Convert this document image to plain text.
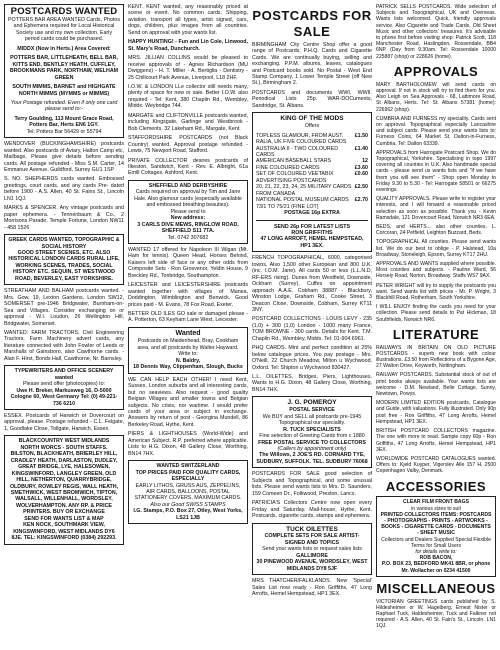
POSTCARDS WANTED
POTTERS BAR AREA WANTED Cards, Photos and Ephemera required for Local Historical Society use and my own collection. Early period cards could be purchased.
MIDDX (Now in Herts.) Area Covered:
POTTERS BAR, LITTLEHEATH, BELL BAR, KITTS END, BENTLEY HEATH, CUFFLEY, BROOKMANS PARK, NORTHAW, WELHAM GREEN
SOUTH MIMMS, BARNET and HIGHGATE
NORTH MIMMS (MYMMS or MIMMS)
Your Postage refunded. Even if only one card please send to:-
Terry Goulding, 113 Mount Grace Road, Potters Bar, Herts EN6 1GY.
Tel: Potters Bar 56429 or 55794
WENDOVER (BUCKINGHAMSHIRE) postcards wanted. Also postcards of Aviary, Halton Camp etc, Mailbags, Please give details before sending cards. All postage refunded - Miss S.M. Carter, 14 Emmanue Avenue, Guildford, Surrey GU1 1SP
S. NO. SHEPHERDS cards wanted. Embossed greetings, court cards, and any cards Pre- dated before 1900 - A.S. Allen, 40 St. Fains St., Lincoln LN1 1QJ.
MARKS & SPENCER. Any vintage postcards and paper ephemera. - Tennenbaum & Co., 2 Morrisons Parade, Temple Fortune, London NW11 - 458 1526
GREEK CARDS WANTED, TOPOGRAPHIC & SOCIAL HISTORY
GOOD STREET SCENES, ETC. ALSO
HISTORICAL LONDON CARDS RURAL LIFE, WORKING SCENES, TRADES, SOCIAL HISTORY ETC. SEQUIN, ST WESTWOOD ROAD, BEVERLEY, EAST YORKSHIRE.
STREATHAM AND BALHAM postcards wanted. - Mrs. Gow, 19, Lexton Gardens, London SW12, SOMERSET pre-1946 Bridgwater, Burnham-on-Sea and Villages. Consider exchanging on or approval - W.I. Loudon, 26 Wellington Hill, Bridgwater, Somerset.
WANTED: FARM TRACTORS, Civil Engineering Tractors, Farm Machinery advert cards, any literature connected with John Fowler of Leeds or Marshalls of Gainsboro, also Cawthorne cards. - Alan F. Hirst, Bonds Hall, Cawthorne, Nr. Barnsley.
TYPEWRITERS AND OFFICE SCENERY wanted
Please send offer (photocopies) to:
Uwe H. Breker, Markusweg 16, D-5000 Cologne 60, West Germany Tel: (0) 49-221-736 6210
ESSEX. Postcards of Harwich or Dovercourt on approval, please. Postage refunded - C.L. Felgate, 1, Goodlake Close, Tollgate, Harwich, Essex.
BLACKCOUNTRY WEST MIDLANDS
NORTH WORCS - SOUTH STAFFS. BILSTON, BLACKHEATH, BRIERLEY HILL, CRADLEY HEATH, DARLASTON, DUDLEY, GREAT BRIDGE, LYE, HALESOWEN, KINGSWINFORD, LANGLEY GREEN, OLD HILL, NETHERTON, QUARRYBRIDGE, OLDBURY, ROWLEY REGIS, WALL HEATH, SMETHWICK, WEST BROMWICH, TIPTON, WALSALL, WILLENHALL, WORDSLEY, WOLVERHAMPTON. ANY RP. & PRICE PRINTERS. BUY OR EXCHANGE
SEND FOR WANTS LIST & MAP
KEN NOCK, SOUTHMARK VIEW, KINGSWINFORD, WEST MIDLANDS DY6 8JE. TEL: KINGSWINFORD (0384) 292293.
KENT. KENT wanted, any reasonably priced at scene or event. No common cards. Shipping, aviation, transport all types, artist signed, cars, dogs, children, plus images from all countries. Send on approval with your wants list.
HAPPY HUNTING! - Fun and Lin Cole, Linwood, St. Mary's Road, Dunchurch.
MRS. JILLIAN COLLINS would be pleased to receive approvals of - Agnes Richardson (MU Dwiggens) - H. T. Miller - A. Bertiglia - Dentistry - 25 Chillcourt Park Avenue, Liverpool, L18 2HF.
I.O.W. & LONDON LLe collector still needs many, plenty of space for new or sale. Better I.O.W. also required - Tel: Kent, 380 Chaplin Rd., Wembley, Middx. Weybridge 744.
MARGATE and CLIFTONVILLE postcards wanted, including Kingsgate, Garlinge and Westbrook - Bob Clements, 32 Lakeham Rd., Margate, Kent.
STAFFORDSHIRE POSTCARDS (not Black Country) wanted. Approval postage refunded - Lewis, 75 Newport Road, Stafford.
PRIVATE COLLECTOR desires postcards of Ilkeston, Sandwich, Kent - Rev. E. Albright, 61a Emill Cottages, Ashford, Kent.
SHEFFIELD AND DERBYSHIRE
Cards required on approval by Tim and Jane Hale. Also glamour cards (especially available and embossed breathing beauties).
Please send to
New address:
3 CARLS DIVE MEWS, RINGLOW ROAD, SHEFFIELD S11 7TA.
Tel. 0742 307682
WANTED 17 offered for Napoleon III Wigan (Mt. Ham for tennis). Queen Head, Horses Behind, Kaisers left side of face or any other odds from Composite Sets - Ron Grosvenor, Yeldin House, 9 Breckley Rd., Tonbridge, Southampton.
LEICESTER and LEICESTERSHIRE postcards wanted together with villages of Manea, Doddington, Wimblington and Benwick. Good prices paid - M. Evans, 78 Fox Road, Exeter.
BETTER OLD ILES GO sale or damaged please - A. Potterton, 63 Keyham Lane West, Leicester.
Wanted
Postcards on Maidenhead, Bray, Cookham area, and all postcards by Walter Hayward. Write to:
N. Baldry,
18 Dennis Way, Clippenham, Slough, Bucks
WE CAN HELP EACH OTHER! I need Kent, Sussex, London suburbs and all interesting cards, but no seaviews. Also request - good quality Belgian Villages and smaller towns and Belgian subjects. No crisis, nor wartime. I would prefer cards of your area or subject in exchange. Answers by return of post - Georgina Mundell, 86 Berkeley Road, Hythe, Kent.
PIERS & LIGHTHOUSES (World-Wide) and American Subject. R.P. preferred where applicable. Lists to H.G. Dixon, 48 Gallery Close, Worthing, BN14 7HX.
WANTED SWITZERLAND
TOP PRICES PAID FOR QUALITY CARDS, ESPECIALLY
EARLY LITHOS, GRUSS AUS, ZEPPELINS, AIR CARDS, BALLOONS, POSTAL STATIONERY COVERS, MAXIMUM CARDS.
Also our Good SWISS STAMPS
I.G. Stamps, P.O. Box 27, Otley, West Yorks, LS21 1JB
POSTCARDS FOR SALE
BIRMINGHAM City Centre Shop offer a good range of Postcards, P.H.Q. Cards and Cigarette Cards. We are continually buying, selling and exchanging. P.P.M. albums, leaves, catalogues and Postcard books sold. No Postal - West End Stamp Company, 1 Lower Temple Street (off New St.), Birmingham 2.
POSTCARDS and documents WWI, WWII. Periodical Lists 25p. WAR-DOCuments, Sandridge, St. Albans.
KING OF THE MODS
Offers
TOPLESS GLAMOUR, FROM AUST. RALIA, UK FIVE COLOURED CARDS
£1.50
AUSTRALIA II - TWO COLOURED CARDS
£1.40
AMERICAN BASEBALL STARS	12
FINE COLOURED CARDS	£3.60
SET OF COLOURED VEETABIX ADVERTISING POSTCARDS
£0.60
20, 21, 22, 23, 24, 25 MILITARY CARDS FROM CANADA
£2.50
NATIONAL POSTAL MUSEUM CARDS 73/1 TO 75/21 (FINE LOT)
£2.70
POSTAGE 16p EXTRA
SEND 26p FOR LATEST LISTS
RON GRIFFITHS
47 LONG ARROFT, HEMEL HEMPSTEAD, HP1 3EX.
FRENCH TOPOGRAPHICAL, 6000, categorised towns, Also 1,500 other European and 800 U.K. (inc. I.O.M. Jane). All cards 50 or less (L.L.N.D, RF-ERS rising). Dunes from Westfield, Downside, Ockham (Surrey), Cuffes on appointment approach A.A.E. Cobham 38887 - Blackbury, Winston Lodge, Graham Rd., Cooke Street, 3 Deacon Close, Downside, Cobham, Surrey KT11 3NY.
POSTCARD COLLECTIONS - LOUIS LEVY - 235 (1,0) + 300 (1,0) London - 1000 many France, TOM BROWNE - 300 cards. Details for Kent. T.M. Chaplin Rd., Wembley, Middx. Tel: 01-904 6961.
PHQ CARDS. Mint and perfect condition at 25% below catalogue prices. You pay postage - Mrs. O'Neill, 22 Church Meadow, Milton u Wychwood, Oxford. Tel: Shipton u Wychwood 830427.
L.L. OILETTES, Bridges, Piers, Lighthouses. Wants to H.G. Dixon, 48 Gallery Close, Worthing, BN14 7HX.
J. G. POMEROY
POSTAL SERVICE
We BUY and SELL all postcards pre-1945 Topographical our speciality.
R. TUCK SPECIALISTS
Fine selection of Greeting Cards from c 1880
FREE POSTAL SERVICE TO COLLECTORS
(Callers by appointment only)
The Willows, 2 JOE'S RD. CORNARD TYE, SUDBURY, SUFFOLK. TEL. SUDBURY 76068
POSTCARDS FOR SALE good selection of Subjects and Topographical, and some unusual lists. Please send wants lists to Mrs. D. Saunders, 159 Comeen Dr., Folkwood, Preston, Lancs.
PATRICIA'S Collectors Centre now open every Friday and Saturday. Mall-house, Hythe, Kent. Postcards, cigarette cards, stamps and ephemera.
TUCK OILETTES
COMPLETE SETS FOR SALE ARTIST-SIGNED AND TOPICS
Send your wants lists or request sales lists
GALLIMORE
30 PINEWOOD AVENUE, WORDSLEY, WEST MIDLANDS DY8 5JF
MRS THATCHER/FALKLANDS. New 'Special' Sales List now ready - Ron Griffiths, 47 Long Arrofts, Hemel Hempstead, HP1 3EX.
PATRICK SELLS POSTCARDS. Wide selection of Subjects and Topographical, UK and Overseas. Wants lists welcomed. Quick, friendly approvals service. Also Cigarette and Trade Cards, Old Sheet Music and other collectors' treasures. It's advisable to phone first before visiting shop: Patrick Scott, 118 Manchester Road, Haslingden, Rossendale, BB4 6NP. (Day from 9.30am. Tel: Rossendale 10000 225887 (shop) or 228626 (home).
APPROVALS
MARY BARTHOLOMEW will send cards on approval. If not in stock will try to find them for you. Also Leigh on Sea Approvals - 68, Lattimore Road, St Albans, Herts. Tel: St. Albans 57381 (home): 226962 (shop).
CUMBRIA AND FURNESS my speciality. Cards sent on approval. Topographical especially Lancashire and subject cards. Please send your wants lists to: Furness Coins, 64 Market St. Dalton-in-Furness, Cumbria. Tel: Dalton 63339.
APPROVALS from Harrogate Postcard Shop. We do Topographical, Yorkshire. Specialising in topo 1997 covering all counties in U.K. Also handmade special cards - please send us wants lists and "if we have them you will see them" - Shop open Monday to Friday 9.30 to 5.30 - Tel: Harrogate 58501 or 66275 evenings.
QUALITY APPROVALS. Please write to register your interests, and I will forward a reasonable priced selection as soon as possible. Thank you - Kevin Ramsdale, 121 Dovercourt Road, Norwich NR3 6EA.
BEDS, and HERTS... also other counties. L. Corcoran, 24 Petfield, Leighton Buzzard, Beds.
TOPOGRAPHICAL All counties. Please send wants list. We do our best to oblige - P. Halstead, 10a Broadway, Stoneleigh, Epsom, Surrey KT17 2HU.
APPROVALS AND WANTS supplied where possible. Most counties and subjects. - Pauline Ward, 56 Horsely Road, Norton, Broadway, Staffs WS7 9AX.
PETER WRIGHT will try to supply the postcards you want. Send wants list with prices - Mr. P. Wright, 3 Blackhill Road, Rotherham, South Yorkshire.
I WILL ENJOY finding the cards you need for your collection. Please send details to Pat Hickman, 18 Southfields, Norwich NR6.
LITERATURE
RAILWAYS IN BRITAIN ON OLD PICTURE POSTCARDS - superb new book with colour illustrations. £3.50 from Reflections of a Bygone Age, 27 Walton Drive, Keyworth, Nottingham.
RAILWAY POSTCARDS. Substantial stock of out of print books always available. Your wants lists are welcome - D.M. Newland, Belle Cottage, Sunny, Newtown, Powys.
MODERN LIMITED EDITION postcards, Catalogue and Guide, with valuations. Fully illustrated. Only 90p post free - Ron Griffiths, 47 Long Arrofts, Hemel Hempstead, HP1 3EX.
BRITISH POSTCARD COLLECTORS magazine. The one with more to read. Sample copy 60p - Ron Griffiths, 47 Long Arrofts, Hemel Hempstead, HP1 3EX.
WORLDWIDE POSTCARD CATALOGUES wanted. Offers to: Kjeld Kuyper, Vigerslev Alle 157 H, 2500 Copenhagen Valby, Denmark.
ACCESSORIES
CLEAR FILM FRONT BAGS
in various sizes to suit
PRINTED COLLECTORS ITEMS: POSTCARDS - PHOTOGRAPHS - PRINTS - ARTWORKS - BOOKS - CIGARETTE CARDS - DOCUMENTS - SHEET MUSIC
Collectors and Dealers Supplied Special Flexible Terms for Small Users
for details write to:
ROB BACON,
P.O. BOX 23, BEDFORD MK41 8BR, or phone Mr. Wollacher on 0234 41500
MISCELLANEOUS
VICTORIAN GREETINGS cards published by S. Hildesheimer or W. Hagelberg, Ernest Nister or Raphael Tuck, Haldesheimer, Tuck and Falkner not required - A.S. Allen, 40 St. Fain's St., Lincoln. LN1 1QJ.
